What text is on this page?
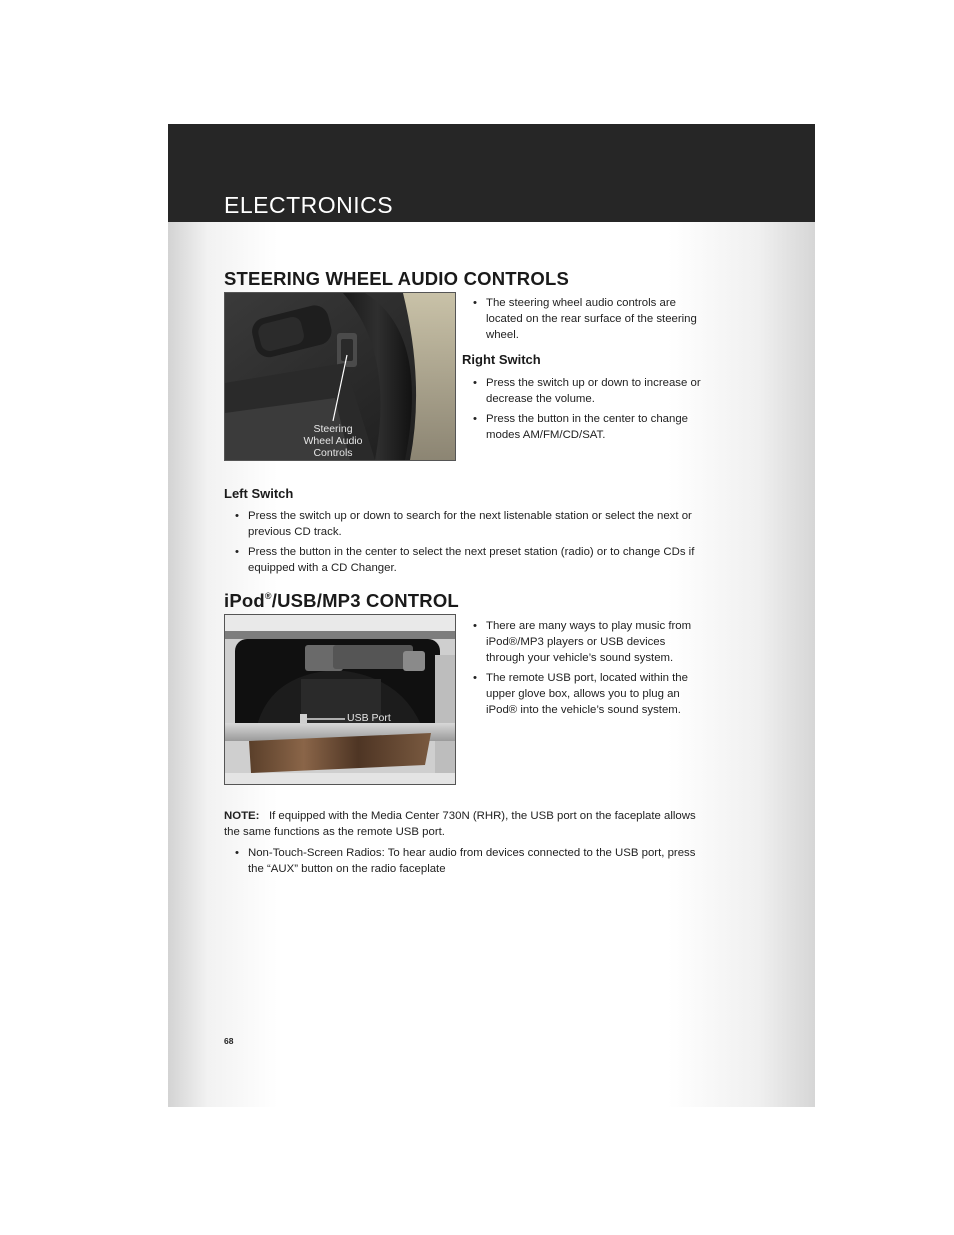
ELECTRONICS
STEERING WHEEL AUDIO CONTROLS
Steering
Wheel Audio
Controls
• The steering wheel audio controls are located on the rear surface of the steering wheel.
Right Switch
• Press the switch up or down to increase or decrease the volume.
• Press the button in the center to change modes AM/FM/CD/SAT.
Left Switch
• Press the switch up or down to search for the next listenable station or select the next or previous CD track.
• Press the button in the center to select the next preset station (radio) or to change CDs if equipped with a CD Changer.
iPod®/USB/MP3 CONTROL
USB Port
• There are many ways to play music from iPod®/MP3 players or USB devices through your vehicle’s sound system.
• The remote USB port, located within the upper glove box, allows you to plug an iPod® into the vehicle’s sound system.
NOTE: If equipped with the Media Center 730N (RHR), the USB port on the faceplate allows the same functions as the remote USB port.
• Non-Touch-Screen Radios: To hear audio from devices connected to the USB port, press the “AUX” button on the radio faceplate
68
